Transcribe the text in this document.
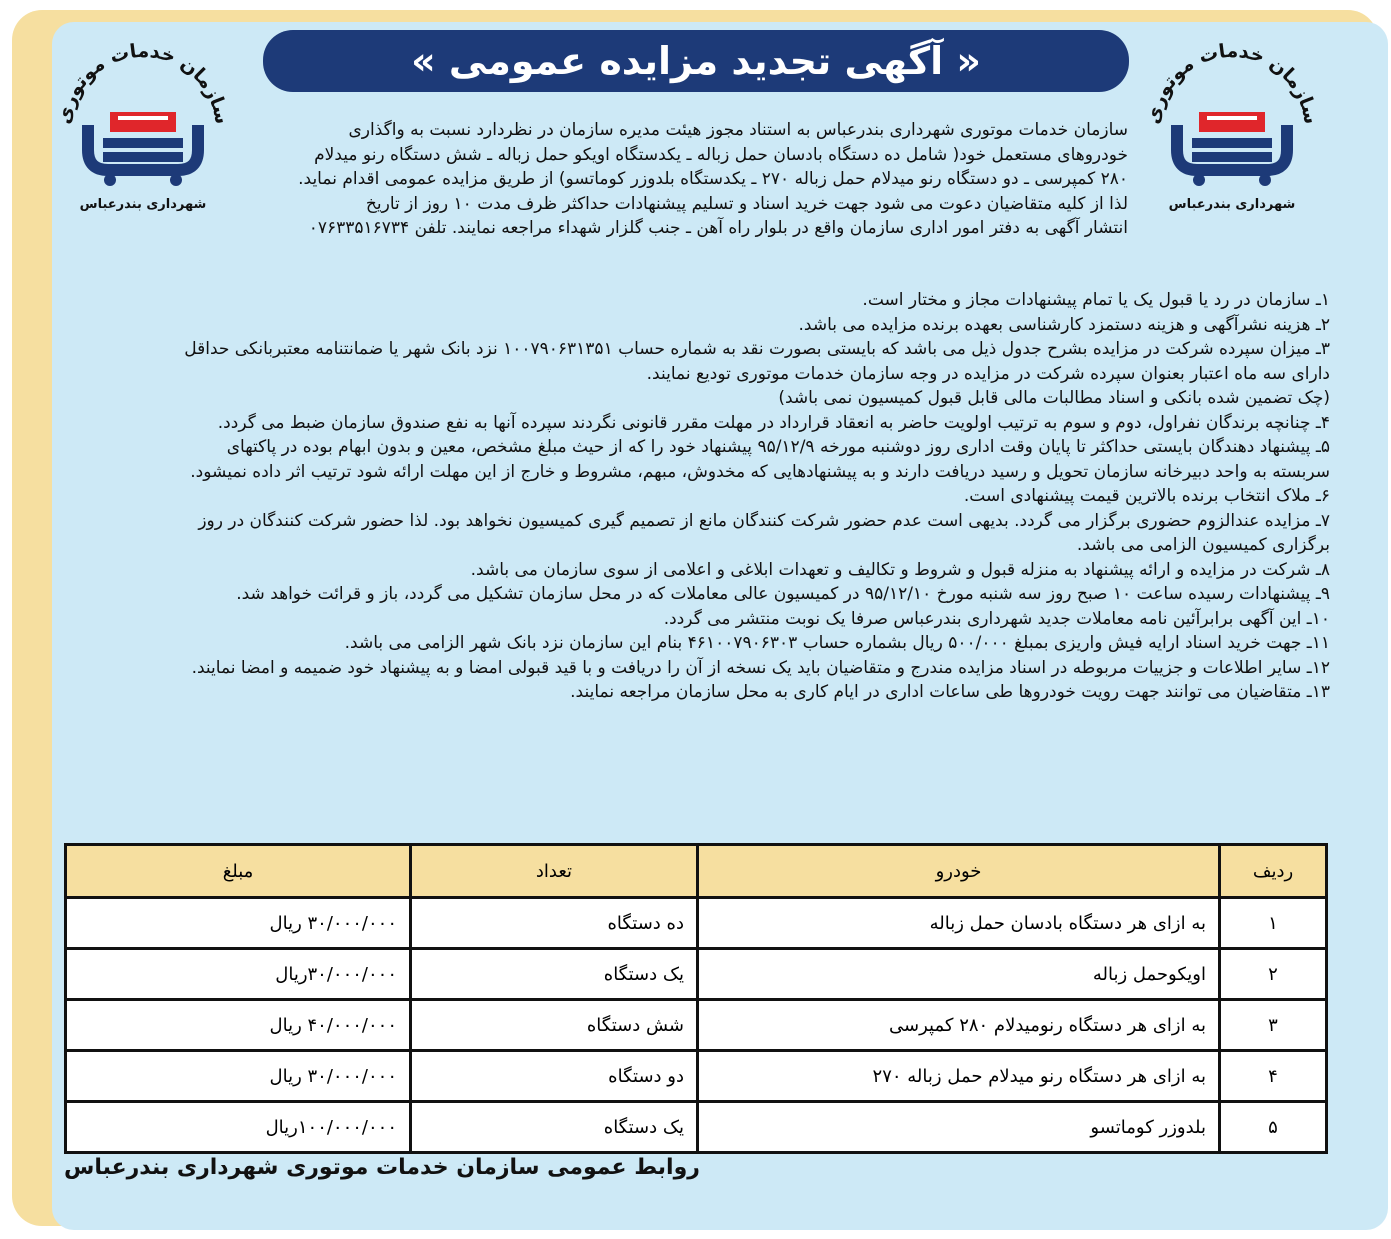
« آگهی تجدید مزایده عمومی »
سازمان خدمات موتوری
شهرداری بندرعباس
سازمان خدمات موتوری
شهرداری بندرعباس

سازمان خدمات موتوری شهرداری بندرعباس به استناد مجوز هیئت مدیره سازمان در نظردارد نسبت به واگذاری

خودروهای مستعمل خود( شامل ده دستگاه بادسان حمل زباله ـ یکدستگاه اویکو حمل زباله ـ شش دستگاه رنو میدلام

۲۸۰ کمپرسی ـ دو دستگاه رنو میدلام حمل زباله ۲۷۰ ـ یکدستگاه بلدوزر کوماتسو) از طریق مزایده عمومی اقدام نماید.

لذا از کلیه متقاضیان دعوت می شود جهت خرید اسناد و تسلیم پیشنهادات حداکثر ظرف مدت ۱۰ روز از تاریخ

انتشار آگهی به دفتر امور اداری سازمان واقع در بلوار راه آهن ـ جنب گلزار شهداء مراجعه نمایند. تلفن ۰۷۶۳۳۵۱۶۷۳۴

۱ـ سازمان در رد یا قبول یک یا تمام پیشنهادات مجاز و مختار است.

۲ـ هزینه نشرآگهی و هزینه دستمزد کارشناسی بعهده برنده مزایده می باشد.

۳ـ میزان سپرده شرکت در مزایده بشرح جدول ذیل می باشد که بایستی بصورت نقد به شماره حساب ۱۰۰۷۹۰۶۳۱۳۵۱ نزد بانک شهر یا ضمانتنامه معتبربانکی حداقل

دارای سه ماه اعتبار بعنوان سپرده شرکت در مزایده در وجه سازمان خدمات موتوری تودیع نمایند.

(چک تضمین شده بانکی و اسناد مطالبات مالی قابل قبول کمیسیون نمی باشد)

۴ـ چنانچه برندگان نفراول، دوم و سوم به ترتیب اولویت حاضر به انعقاد قرارداد در مهلت مقرر قانونی نگردند سپرده آنها به نفع صندوق سازمان ضبط می گردد.

۵ـ پیشنهاد دهندگان بایستی حداکثر تا پایان وقت اداری روز دوشنبه مورخه ۹۵/۱۲/۹ پیشنهاد خود را که از حیث مبلغ مشخص، معین و بدون ابهام بوده در پاکتهای

سربسته به واحد دبیرخانه سازمان تحویل و رسید دریافت دارند و به پیشنهادهایی که مخدوش، مبهم، مشروط و خارج از این مهلت ارائه شود ترتیب اثر داده نمیشود.

۶ـ ملاک انتخاب برنده بالاترین قیمت پیشنهادی است.

۷ـ مزایده عندالزوم حضوری برگزار می گردد. بدیهی است عدم حضور شرکت کنندگان مانع از تصمیم گیری کمیسیون نخواهد بود. لذا حضور شرکت کنندگان در روز

برگزاری کمیسیون الزامی می باشد.

۸ـ شرکت در مزایده و ارائه پیشنهاد به منزله قبول و شروط و تکالیف و تعهدات ابلاغی و اعلامی از سوی سازمان می باشد.

۹ـ پیشنهادات رسیده ساعت ۱۰ صبح روز سه شنبه مورخ ۹۵/۱۲/۱۰ در کمیسیون عالی معاملات که در محل سازمان تشکیل می گردد، باز و قرائت خواهد شد.

۱۰ـ این آگهی برابرآئین نامه معاملات جدید شهرداری بندرعباس صرفا یک نوبت منتشر می گردد.

۱۱ـ جهت خرید اسناد ارایه فیش واریزی بمبلغ ۵۰۰/۰۰۰ ریال بشماره حساب ۴۶۱۰۰۷۹۰۶۳۰۳ بنام این سازمان نزد بانک شهر الزامی می باشد.

۱۲ـ سایر اطلاعات و جزییات مربوطه در اسناد مزایده مندرج و متقاضیان باید یک نسخه از آن را دریافت و با قید قبولی امضا و به پیشنهاد خود ضمیمه و امضا نمایند.

۱۳ـ متقاضیان می توانند جهت رویت خودروها طی ساعات اداری در ایام کاری به محل سازمان مراجعه نمایند.

ردیف	خودرو	تعداد	مبلغ
۱	به ازای هر دستگاه بادسان حمل زباله	ده دستگاه	۳۰/۰۰۰/۰۰۰ ریال
۲	اویکوحمل زباله	یک دستگاه	۳۰/۰۰۰/۰۰۰ریال
۳	به ازای هر دستگاه رنومیدلام ۲۸۰ کمپرسی	شش دستگاه	۴۰/۰۰۰/۰۰۰ ریال
۴	به ازای هر دستگاه رنو میدلام حمل زباله ۲۷۰	دو دستگاه	۳۰/۰۰۰/۰۰۰ ریال
۵	بلدوزر کوماتسو	یک دستگاه	۱۰۰/۰۰۰/۰۰۰ریال
روابط عمومی سازمان خدمات موتوری شهرداری بندرعباس
